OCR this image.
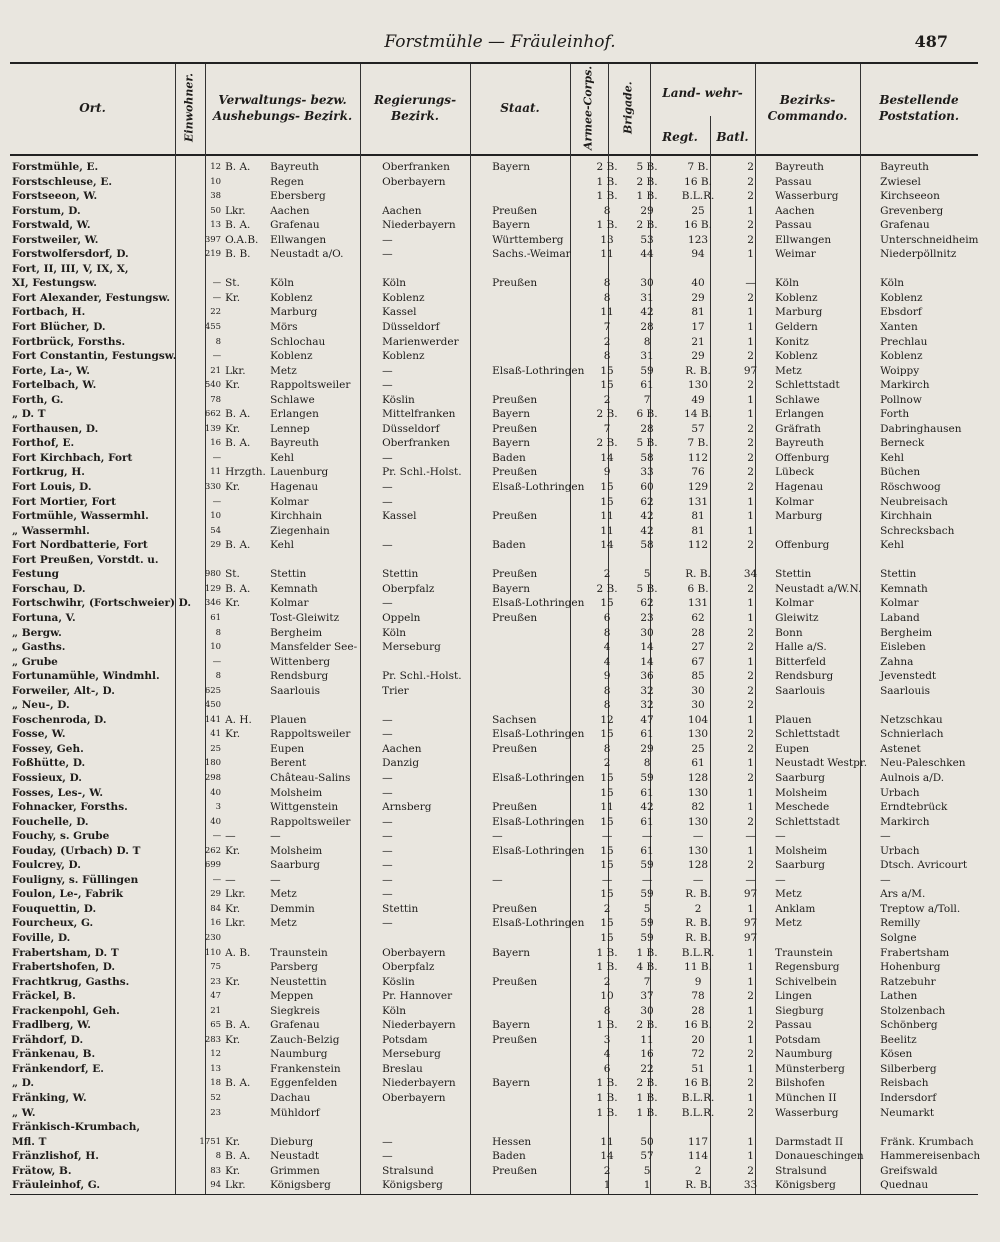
Forstmühle — Fräuleinhof.	487
Ort.	Einwohner.	Verwaltungs- bezw. Aushebungs- Bezirk.
Regierungs- Bezirk.
Staat.	Armee-Corps.	Brigade.	Land- wehr-
Regt.	Batl.
Bezirks- Commando.
Bestellende Poststation.
Forstmühle, E.	12	B. A.	Bayreuth	Oberfranken	Bayern	2 B.	5 B.	7 B.	2	Bayreuth	Bayreuth
Forstschleuse, E.	10		Regen	Oberbayern		1 B.	2 B.	16 B.	2	Passau	Zwiesel
Forstseeon, W.	38		Ebersberg			1 B.	1 B.	B.L.R.	2	Wasserburg	Kirchseeon
Forstum, D.	50	Lkr.	Aachen	Aachen	Preußen	8	29	25	1	Aachen	Grevenberg
Forstwald, W.	13	B. A.	Grafenau	Niederbayern	Bayern	1 B.	2 B.	16 B.	2	Passau	Grafenau
Forstweiler, W.	397	O.A.B.	Ellwangen	—	Württemberg	13	53	123	2	Ellwangen	Unterschneidheim
Forstwolfersdorf, D.	219	B. B.	Neustadt a/O.	—	Sachs.-Weimar	11	44	94	1	Weimar	Niederpöllnitz
Fort, II, III, V, IX, X,											
XI, Festungsw.	—	St.	Köln	Köln	Preußen	8	30	40	—	Köln	Köln
Fort Alexander, Festungsw.	—	Kr.	Koblenz	Koblenz		8	31	29	2	Koblenz	Koblenz
Fortbach, H.	22		Marburg	Kassel		11	42	81	1	Marburg	Ebsdorf
Fort Blücher, D.	455		Mörs	Düsseldorf		7	28	17	1	Geldern	Xanten
Fortbrück, Forsths.	8		Schlochau	Marienwerder		2	8	21	1	Konitz	Prechlau
Fort Constantin, Festungsw.	—		Koblenz	Koblenz		8	31	29	2	Koblenz	Koblenz
Forte, La-, W.	21	Lkr.	Metz	—	Elsaß-Lothringen	15	59	R. B.	97	Metz	Woippy
Fortelbach, W.	540	Kr.	Rappoltsweiler	—		15	61	130	2	Schlettstadt	Markirch
Forth, G.	78		Schlawe	Köslin	Preußen	2	7	49	1	Schlawe	Pollnow
„ D. T	662	B. A.	Erlangen	Mittelfranken	Bayern	2 B.	6 B.	14 B.	1	Erlangen	Forth
Forthausen, D.	139	Kr.	Lennep	Düsseldorf	Preußen	7	28	57	2	Gräfrath	Dabringhausen
Forthof, E.	16	B. A.	Bayreuth	Oberfranken	Bayern	2 B.	5 B.	7 B.	2	Bayreuth	Berneck
Fort Kirchbach, Fort	—		Kehl	—	Baden	14	58	112	2	Offenburg	Kehl
Fortkrug, H.	11	Hrzgth.	Lauenburg	Pr. Schl.-Holst.	Preußen	9	33	76	2	Lübeck	Büchen
Fort Louis, D.	330	Kr.	Hagenau	—	Elsaß-Lothringen	15	60	129	2	Hagenau	Röschwoog
Fort Mortier, Fort	—		Kolmar	—		15	62	131	1	Kolmar	Neubreisach
Fortmühle, Wassermhl.	10		Kirchhain	Kassel	Preußen	11	42	81	1	Marburg	Kirchhain
„ Wassermhl.	54		Ziegenhain			11	42	81	1		Schrecksbach
Fort Nordbatterie, Fort	29	B. A.	Kehl	—	Baden	14	58	112	2	Offenburg	Kehl
Fort Preußen, Vorstdt. u.											
Festung	980	St.	Stettin	Stettin	Preußen	2	5	R. B.	34	Stettin	Stettin
Forschau, D.	129	B. A.	Kemnath	Oberpfalz	Bayern	2 B.	5 B.	6 B.	2	Neustadt a/W.N.	Kemnath
Fortschwihr, (Fortschweier) D.	346	Kr.	Kolmar	—	Elsaß-Lothringen	15	62	131	1	Kolmar	Kolmar
Fortuna, V.	61		Tost-Gleiwitz	Oppeln	Preußen	6	23	62	1	Gleiwitz	Laband
„ Bergw.	8		Bergheim	Köln		8	30	28	2	Bonn	Bergheim
„ Gasths.	10		Mansfelder See-	Merseburg		4	14	27	2	Halle a/S.	Eisleben
„ Grube	—		Wittenberg			4	14	67	1	Bitterfeld	Zahna
Fortunamühle, Windmhl.	8		Rendsburg	Pr. Schl.-Holst.		9	36	85	2	Rendsburg	Jevenstedt
Forweiler, Alt-, D.	625		Saarlouis	Trier		8	32	30	2	Saarlouis	Saarlouis
„ Neu-, D.	450					8	32	30	2		
Foschenroda, D.	141	A. H.	Plauen	—	Sachsen	12	47	104	1	Plauen	Netzschkau
Fosse, W.	41	Kr.	Rappoltsweiler	—	Elsaß-Lothringen	15	61	130	2	Schlettstadt	Schnierlach
Fossey, Geh.	25		Eupen	Aachen	Preußen	8	29	25	2	Eupen	Astenet
Foßhütte, D.	180		Berent	Danzig		2	8	61	1	Neustadt Westpr.	Neu-Paleschken
Fossieux, D.	298		Château-Salins	—	Elsaß-Lothringen	15	59	128	2	Saarburg	Aulnois a/D.
Fosses, Les-, W.	40		Molsheim	—		15	61	130	1	Molsheim	Urbach
Fohnacker, Forsths.	3		Wittgenstein	Arnsberg	Preußen	11	42	82	1	Meschede	Erndtebrück
Fouchelle, D.	40		Rappoltsweiler	—	Elsaß-Lothringen	15	61	130	2	Schlettstadt	Markirch
Fouchy, s. Grube	—	—	—	—	—	—	—	—	—	—	—
Fouday, (Urbach) D. T	262	Kr.	Molsheim	—	Elsaß-Lothringen	15	61	130	1	Molsheim	Urbach
Foulcrey, D.	699		Saarburg	—		15	59	128	2	Saarburg	Dtsch. Avricourt
Fouligny, s. Füllingen	—	—	—	—	—	—	—	—	—	—	—
Foulon, Le-, Fabrik	29	Lkr.	Metz	—		15	59	R. B.	97	Metz	Ars a/M.
Fouquettin, D.	84	Kr.	Demmin	Stettin	Preußen	2	5	2	1	Anklam	Treptow a/Toll.
Fourcheux, G.	16	Lkr.	Metz	—	Elsaß-Lothringen	15	59	R. B.	97	Metz	Remilly
Foville, D.	230					15	59	R. B.	97		Solgne
Frabertsham, D. T	110	A. B.	Traunstein	Oberbayern	Bayern	1 B.	1 B.	B.L.R.	1	Traunstein	Frabertsham
Frabertshofen, D.	75		Parsberg	Oberpfalz		1 B.	4 B.	11 B.	1	Regensburg	Hohenburg
Frachtkrug, Gasths.	23	Kr.	Neustettin	Köslin	Preußen	2	7	9	1	Schivelbein	Ratzebuhr
Fräckel, B.	47		Meppen	Pr. Hannover		10	37	78	2	Lingen	Lathen
Frackenpohl, Geh.	21		Siegkreis	Köln		8	30	28	1	Siegburg	Stolzenbach
Fradlberg, W.	65	B. A.	Grafenau	Niederbayern	Bayern	1 B.	2 B.	16 B.	2	Passau	Schönberg
Frähdorf, D.	283	Kr.	Zauch-Belzig	Potsdam	Preußen	3	11	20	1	Potsdam	Beelitz
Fränkenau, B.	12		Naumburg	Merseburg		4	16	72	2	Naumburg	Kösen
Fränkendorf, E.	13		Frankenstein	Breslau		6	22	51	1	Münsterberg	Silberberg
„ D.	18	B. A.	Eggenfelden	Niederbayern	Bayern	1 B.	2 B.	16 B.	2	Bilshofen	Reisbach
Fränking, W.	52		Dachau	Oberbayern		1 B.	1 B.	B.L.R.	1	München II	Indersdorf
„ W.	23		Mühldorf			1 B.	1 B.	B.L.R.	2	Wasserburg	Neumarkt
Fränkisch-Krumbach,											
Mfl. T	1751	Kr.	Dieburg	—	Hessen	11	50	117	1	Darmstadt II	Fränk. Krumbach
Fränzlishof, H.	8	B. A.	Neustadt	—	Baden	14	57	114	1	Donaueschingen	Hammereisenbach
Frätow, B.	83	Kr.	Grimmen	Stralsund	Preußen	2	5	2	2	Stralsund	Greifswald
Fräuleinhof, G.	94	Lkr.	Königsberg	Königsberg		1	1	R. B.	33	Königsberg	Quednau
